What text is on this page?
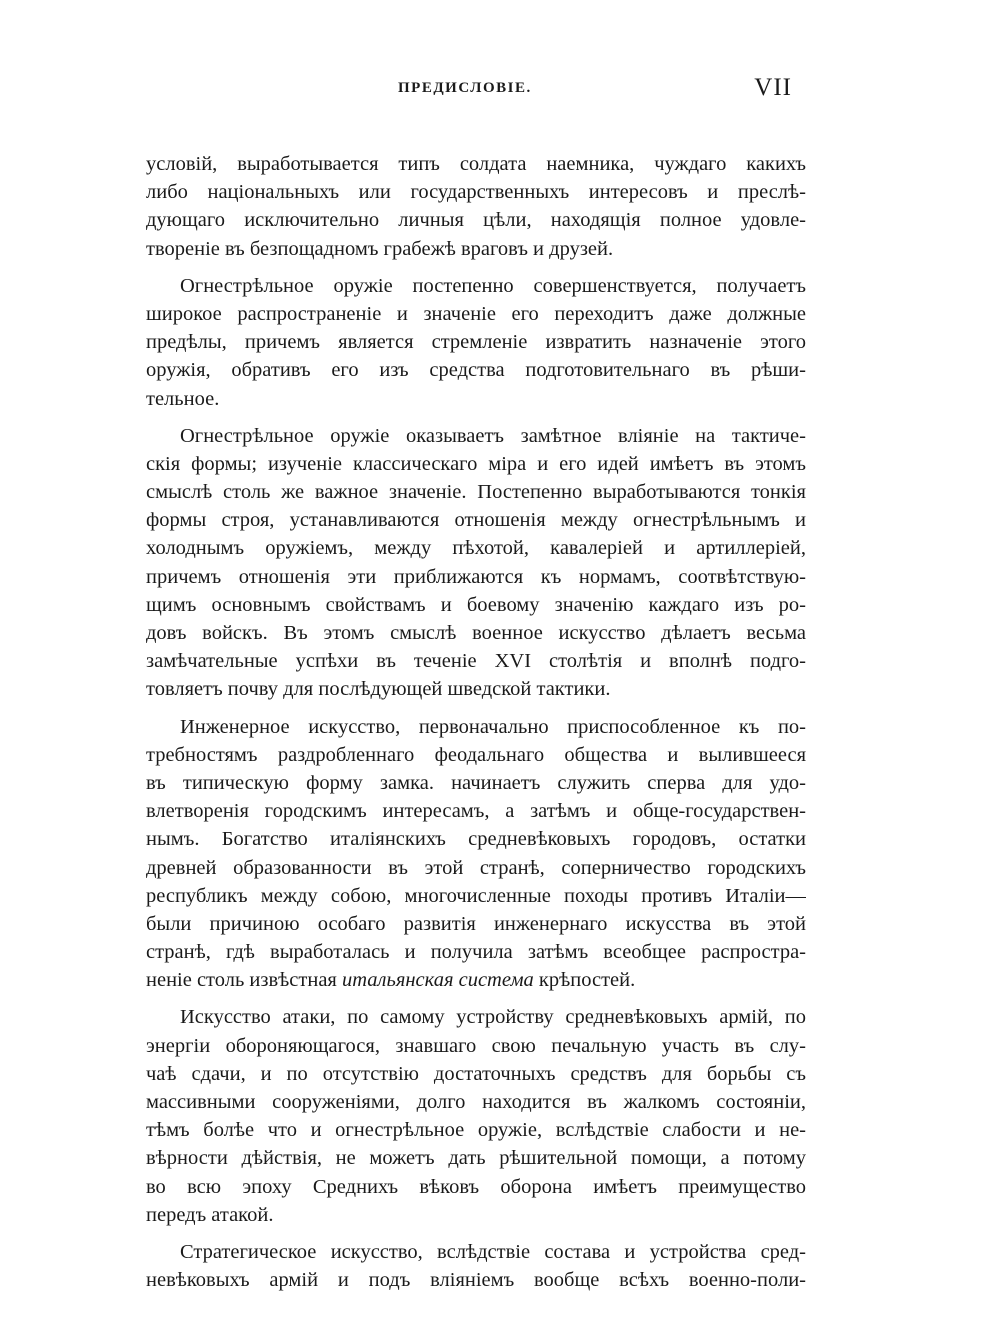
ПРЕДИСЛОВІЕ.	VII
условій, выработывается типъ солдата наемника, чуждаго какихъ
либо національныхъ или государственныхъ интересовъ и преслѣ-
дующаго исключительно личныя цѣли, находящія полное удовле-
твореніе въ безпощадномъ грабежѣ враговъ и друзей.
Огнестрѣльное оружіе постепенно совершенствуется, получаетъ
широкое распространеніе и значеніе его переходитъ даже должные
предѣлы, причемъ является стремленіе извратить назначеніе этого
оружія, обративъ его изъ средства подготовительнаго въ рѣши-
тельное.
Огнестрѣльное оружіе оказываетъ замѣтное вліяніе на тактиче-
скія формы; изученіе классическаго міра и его идей имѣетъ въ этомъ
смыслѣ столь же важное значеніе. Постепенно выработываются тонкія
формы строя, устанавливаются отношенія между огнестрѣльнымъ и
холоднымъ оружіемъ, между пѣхотой, кавалеріей и артиллеріей,
причемъ отношенія эти приближаются къ нормамъ, соотвѣтствую-
щимъ основнымъ свойствамъ и боевому значенію каждаго изъ ро-
довъ войскъ. Въ этомъ смыслѣ военное искусство дѣлаетъ весьма
замѣчательные успѣхи въ теченіе XVI столѣтія и вполнѣ подго-
товляетъ почву для послѣдующей шведской тактики.
Инженерное искусство, первоначально приспособленное къ по-
требностямъ раздробленнаго феодальнаго общества и вылившееся
въ типическую форму замка. начинаетъ служить сперва для удо-
влетворенія городскимъ интересамъ, а затѣмъ и обще-государствен-
нымъ. Богатство италіянскихъ средневѣковыхъ городовъ, остатки
древней образованности въ этой странѣ, соперничество городскихъ
республикъ между собою, многочисленные походы противъ Италіи—
были причиною особаго развитія инженернаго искусства въ этой
странѣ, гдѣ выработалась и получила затѣмъ всеобщее распростра-
неніе столь извѣстная итальянская система крѣпостей.
Искусство атаки, по самому устройству средневѣковыхъ армій, по
энергіи обороняющагося, знавшаго свою печальную участь въ слу-
чаѣ сдачи, и по отсутствію достаточныхъ средствъ для борьбы съ
массивными сооруженіями, долго находится въ жалкомъ состояніи,
тѣмъ болѣе что и огнестрѣльное оружіе, вслѣдствіе слабости и не-
вѣрности дѣйствія, не можетъ дать рѣшительной помощи, а потому
во всю эпоху Среднихъ вѣковъ оборона имѣетъ преимущество
передъ атакой.
Стратегическое искусство, вслѣдствіе состава и устройства сред-
невѣковыхъ армій и подъ вліяніемъ вообще всѣхъ военно-поли-
